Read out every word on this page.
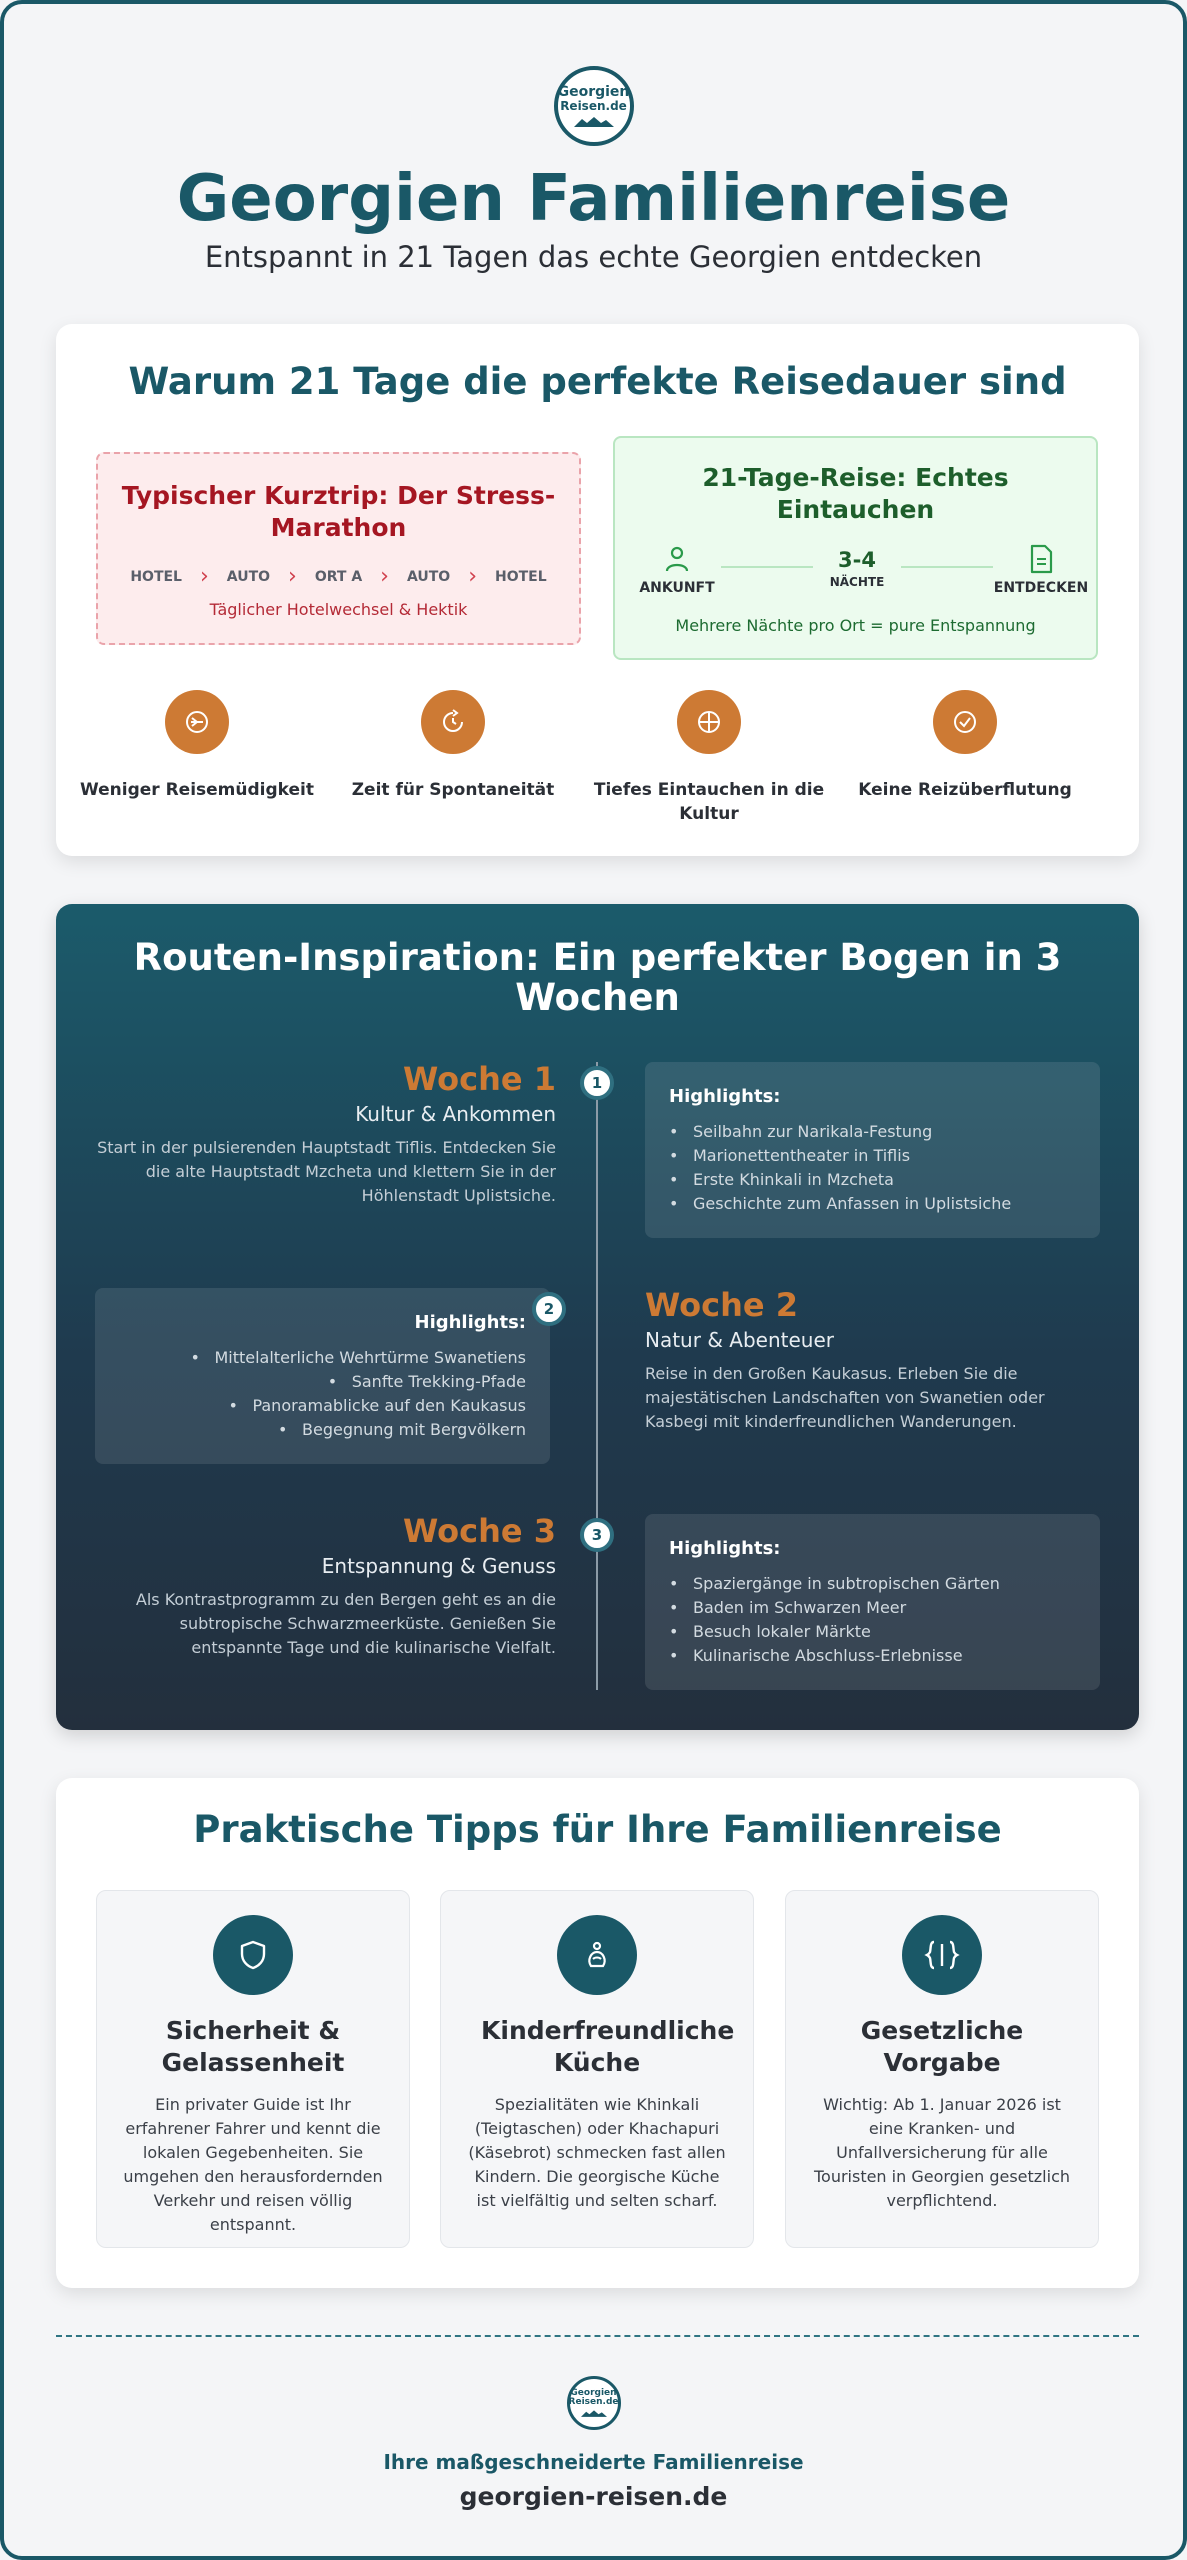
Georgien
Reisen.de
Georgien Familienreise
Entspannt in 21 Tagen das echte Georgien entdecken
Warum 21 Tage die perfekte Reisedauer sind
Typischer Kurztrip: Der Stress-Marathon
HOTEL › AUTO › ORT A › AUTO › HOTEL
Täglicher Hotelwechsel & Hektik
21-Tage-Reise: Echtes Eintauchen
ANKUNFT
3-4
NÄCHTE	ENTDECKEN
Mehrere Nächte pro Ort = pure Entspannung
Weniger Reisemüdigkeit	Zeit für Spontaneität	Tiefes Eintauchen in die Kultur
Keine Reizüberflutung
Routen-Inspiration: Ein perfekter Bogen in 3 Wochen
Woche 1
Kultur & Ankommen
Start in der pulsierenden Hauptstadt Tiflis. Entdecken Sie die alte Hauptstadt Mzcheta und klettern Sie in der Höhlenstadt Uplistsiche.
1
Highlights:
• Seilbahn zur Narikala-Festung
• Marionettentheater in Tiflis
• Erste Khinkali in Mzcheta
• Geschichte zum Anfassen in Uplistsiche
Highlights:
• Mittelalterliche Wehrtürme Swanetiens
• Sanfte Trekking-Pfade
• Panoramablicke auf den Kaukasus
• Begegnung mit Bergvölkern
2	Woche 2
Natur & Abenteuer
Reise in den Großen Kaukasus. Erleben Sie die majestätischen Landschaften von Swanetien oder Kasbegi mit kinderfreundlichen Wanderungen.
Woche 3
Entspannung & Genuss
Als Kontrastprogramm zu den Bergen geht es an die subtropische Schwarzmeerküste. Genießen Sie entspannte Tage und die kulinarische Vielfalt.
3
Highlights:
• Spaziergänge in subtropischen Gärten
• Baden im Schwarzen Meer
• Besuch lokaler Märkte
• Kulinarische Abschluss-Erlebnisse
Praktische Tipps für Ihre Familienreise
Sicherheit & Gelassenheit

Ein privater Guide ist Ihr erfahrener Fahrer und kennt die lokalen Gegebenheiten. Sie umgehen den herausfordernden Verkehr und reisen völlig entspannt.

Kinderfreundliche Küche

Spezialitäten wie Khinkali (Teigtaschen) oder Khachapuri (Käsebrot) schmecken fast allen Kindern. Die georgische Küche ist vielfältig und selten scharf.

Gesetzliche Vorgabe

Wichtig: Ab 1. Januar 2026 ist eine Kranken- und Unfallversicherung für alle Touristen in Georgien gesetzlich verpflichtend.

Georgien
Reisen.de
Ihre maßgeschneiderte Familienreise
georgien-reisen.de
